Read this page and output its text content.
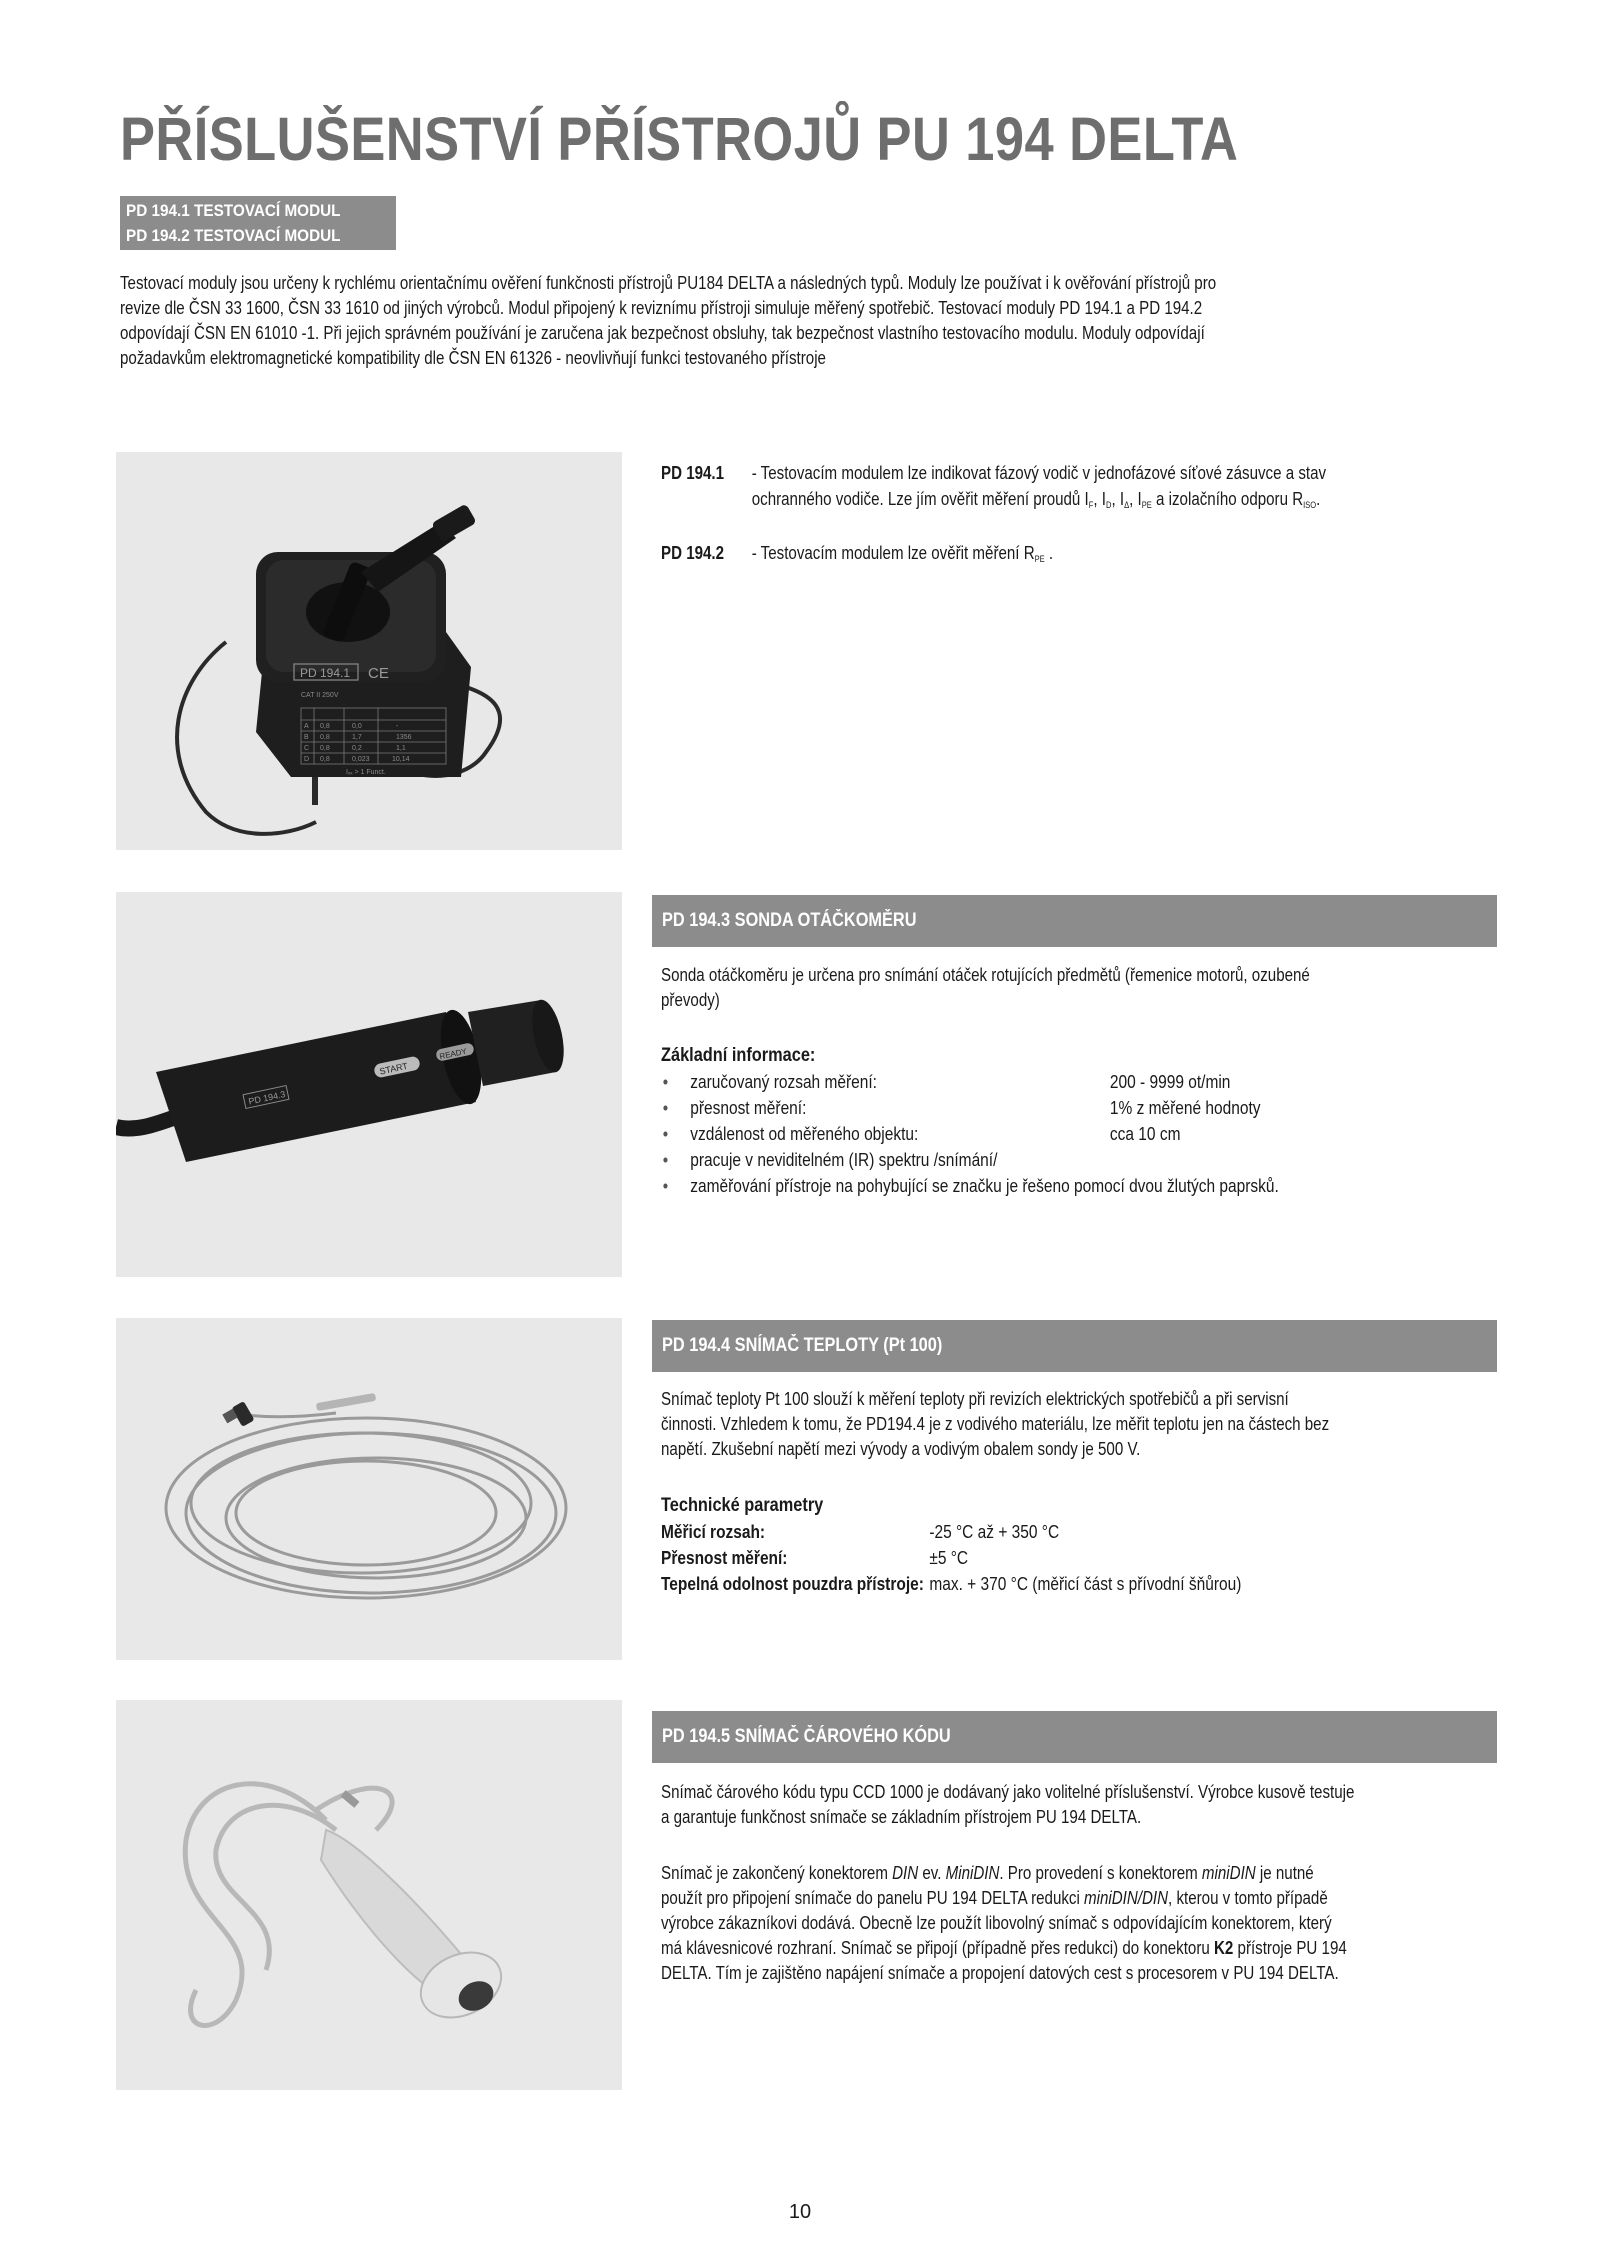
PŘÍSLUŠENSTVÍ PŘÍSTROJŮ PU 194 DELTA
PD 194.1 TESTOVACÍ MODUL
PD 194.2 TESTOVACÍ MODUL
Testovací moduly jsou určeny k rychlému orientačnímu ověření funkčnosti přístrojů PU184 DELTA a následných typů. Moduly lze používat i k ověřování přístrojů pro
revize dle ČSN 33 1600, ČSN 33 1610 od jiných výrobců. Modul připojený k reviznímu přístroji simuluje měřený spotřebič. Testovací moduly PD 194.1 a PD 194.2
odpovídají ČSN EN 61010 -1. Při jejich správném používání je zaručena jak bezpečnost obsluhy, tak bezpečnost vlastního testovacího modulu. Moduly odpovídají
požadavkům elektromagnetické kompatibility dle ČSN EN 61326 - neovlivňují funkci testovaného přístroje
PD 194.1 CE
CAT II 250V
A 0,8	0,0	-
B 0,8	1,7	1356
C 0,8	0,2	1,1
D 0,8	0,023	10,14
Iₓₓ > 1 Funct.
PD 194.1 - Testovacím modulem lze indikovat fázový vodič v jednofázové síťové zásuvce a stav
ochranného vodiče. Lze jím ověřit měření proudů $I_F$, $I_D$, $I_\Delta$, $I_{PE}$ a izolačního odporu $R_{ISO}$.
PD 194.2 - Testovacím modulem lze ověřit měření $R_{PE}$ .
PD 194.3
START
READY
PD 194.3 SONDA OTÁČKOMĚRU
Sonda otáčkoměru je určena pro snímání otáček rotujících předmětů (řemenice motorů, ozubené
převody)
Základní informace:
• zaručovaný rozsah měření:	200 - 9999 ot/min
• přesnost měření:	1% z měřené hodnoty
• vzdálenost od měřeného objektu:	cca 10 cm
• pracuje v neviditelném (IR) spektru /snímání/
• zaměřování přístroje na pohybující se značku je řešeno pomocí dvou žlutých paprsků.
PD 194.4 SNÍMAČ TEPLOTY (Pt 100)
Snímač teploty Pt 100 slouží k měření teploty při revizích elektrických spotřebičů a při servisní
činnosti. Vzhledem k tomu, že PD194.4 je z vodivého materiálu, lze měřit teplotu jen na částech bez
napětí. Zkušební napětí mezi vývody a vodivým obalem sondy je 500 V.
Technické parametry
Měřicí rozsah:	-25 °C až + 350 °C
Přesnost měření:	±5 °C
Tepelná odolnost pouzdra přístroje:	max. + 370 °C (měřicí část s přívodní šňůrou)
PD 194.5 SNÍMAČ ČÁROVÉHO KÓDU
Snímač čárového kódu typu CCD 1000 je dodávaný jako volitelné příslušenství. Výrobce kusově testuje
a garantuje funkčnost snímače se základním přístrojem PU 194 DELTA.
Snímač je zakončený konektorem DIN ev. MiniDIN. Pro provedení s konektorem miniDIN je nutné
použít pro připojení snímače do panelu PU 194 DELTA redukci miniDIN/DIN, kterou v tomto případě
výrobce zákazníkovi dodává. Obecně lze použít libovolný snímač s odpovídajícím konektorem, který
má klávesnicové rozhraní. Snímač se připojí (případně přes redukci) do konektoru K2 přístroje PU 194
DELTA. Tím je zajištěno napájení snímače a propojení datových cest s procesorem v PU 194 DELTA.
10
